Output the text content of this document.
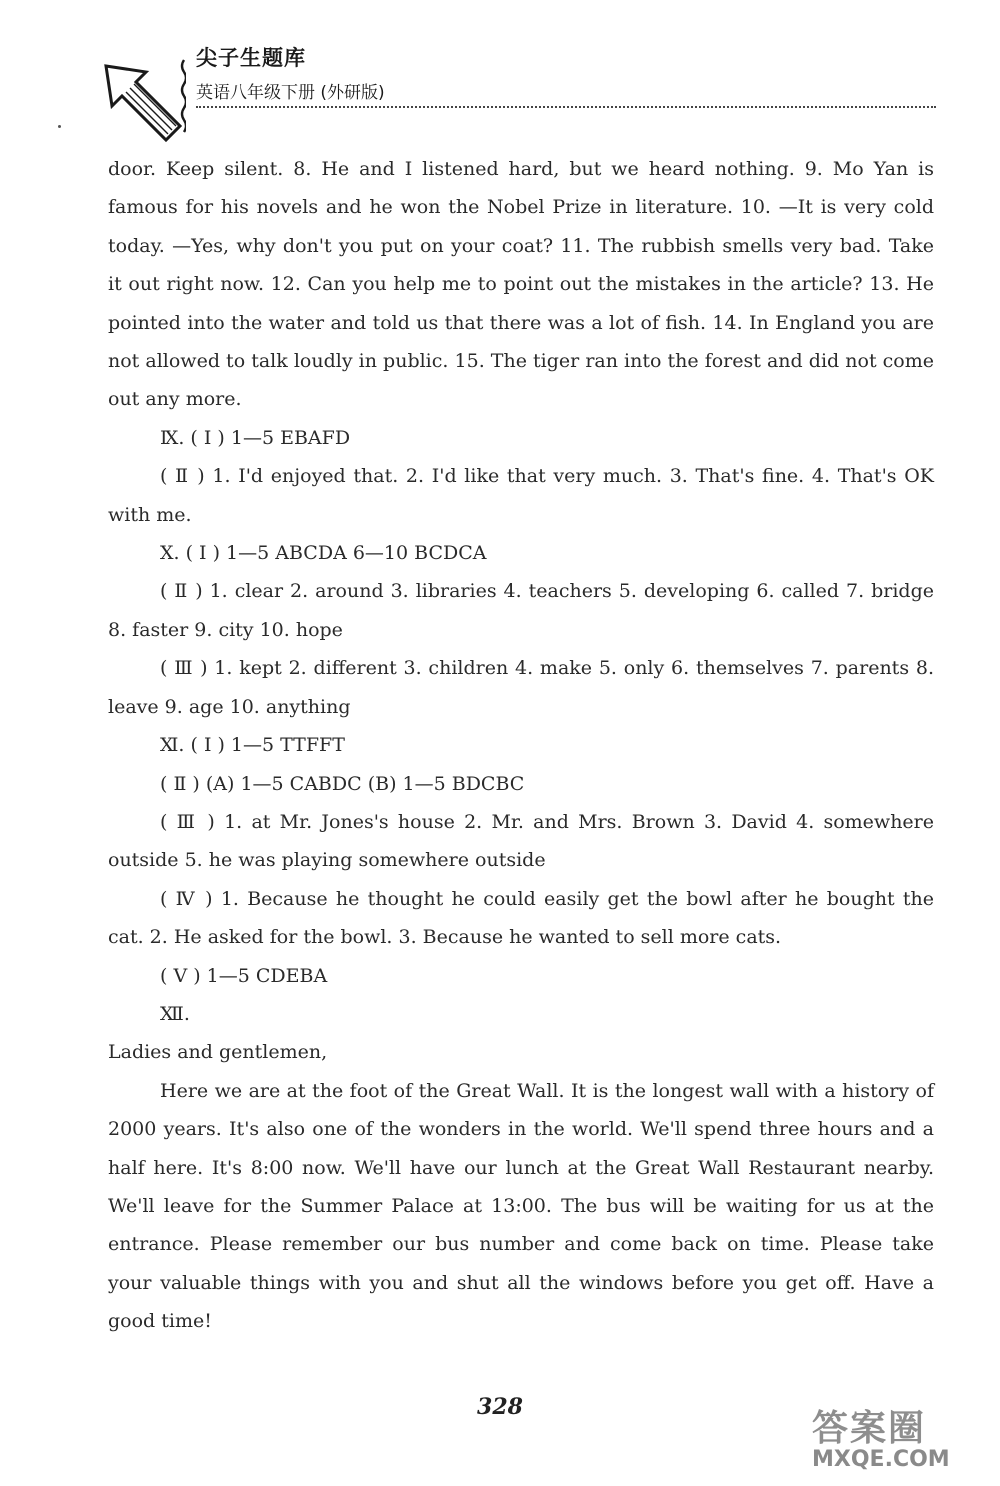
尖子生题库
英语八年级下册 (外研版)

door. Keep silent. 8. He and I listened hard, but we heard nothing. 9. Mo Yan is famous for his novels and he won the Nobel Prize in literature. 10. —It is very cold today. —Yes, why don't you put on your coat? 11. The rubbish smells very bad. Take it out right now. 12. Can you help me to point out the mistakes in the article? 13. He pointed into the water and told us that there was a lot of fish. 14. In England you are not allowed to talk loudly in public. 15. The tiger ran into the forest and did not come out any more.

Ⅸ. ( Ⅰ ) 1—5 EBAFD

( Ⅱ ) 1. I'd enjoyed that. 2. I'd like that very much. 3. That's fine. 4. That's OK with me.

Ⅹ. ( Ⅰ ) 1—5 ABCDA 6—10 BCDCA

( Ⅱ ) 1. clear 2. around 3. libraries 4. teachers 5. developing 6. called 7. bridge 8. faster 9. city 10. hope

( Ⅲ ) 1. kept 2. different 3. children 4. make 5. only 6. themselves 7. parents 8. leave 9. age 10. anything

Ⅺ. ( Ⅰ ) 1—5 TTFFT

( Ⅱ ) (A) 1—5 CABDC (B) 1—5 BDCBC

( Ⅲ ) 1. at Mr. Jones's house 2. Mr. and Mrs. Brown 3. David 4. somewhere outside 5. he was playing somewhere outside

( Ⅳ ) 1. Because he thought he could easily get the bowl after he bought the cat. 2. He asked for the bowl. 3. Because he wanted to sell more cats.

( Ⅴ ) 1—5 CDEBA

Ⅻ.

Ladies and gentlemen,

Here we are at the foot of the Great Wall. It is the longest wall with a history of 2000 years. It's also one of the wonders in the world. We'll spend three hours and a half here. It's 8:00 now. We'll have our lunch at the Great Wall Restaurant nearby. We'll leave for the Summer Palace at 13:00. The bus will be waiting for us at the entrance. Please remember our bus number and come back on time. Please take your valuable things with you and shut all the windows before you get off. Have a good time!

328
答案圈
MXQE.COM
